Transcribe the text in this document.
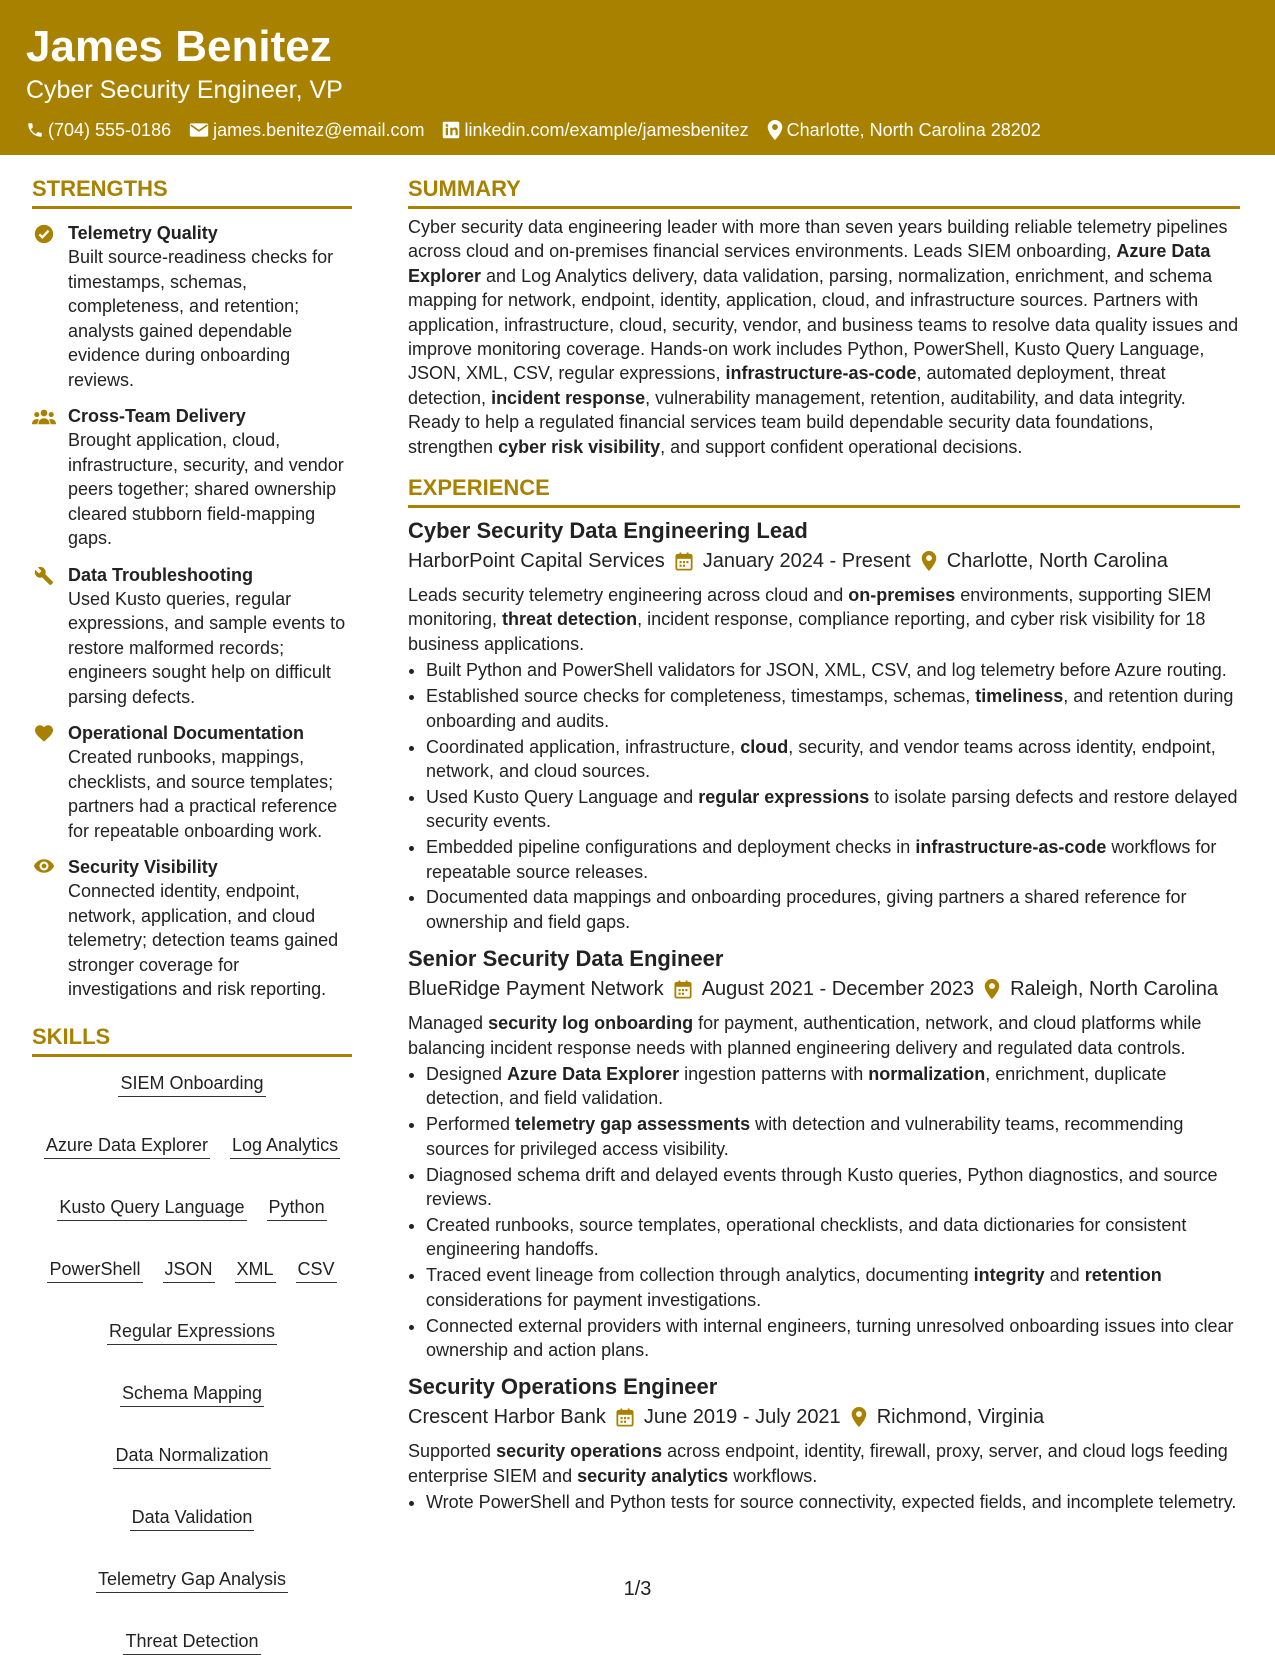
James Benitez
Cyber Security Engineer, VP
(704) 555-0186 james.benitez@email.com linkedin.com/example/jamesbenitez Charlotte, North Carolina 28202
STRENGTHS
Telemetry Quality
Built source-readiness checks for timestamps, schemas, completeness, and retention; analysts gained dependable evidence during onboarding reviews.
Cross-Team Delivery
Brought application, cloud, infrastructure, security, and vendor peers together; shared ownership cleared stubborn field-mapping gaps.
Data Troubleshooting
Used Kusto queries, regular expressions, and sample events to restore malformed records; engineers sought help on difficult parsing defects.
Operational Documentation
Created runbooks, mappings, checklists, and source templates; partners had a practical reference for repeatable onboarding work.
Security Visibility
Connected identity, endpoint, network, application, and cloud telemetry; detection teams gained stronger coverage for investigations and risk reporting.
SKILLS
SIEM Onboarding
Azure Data Explorer Log Analytics
Kusto Query Language Python
PowerShell JSON XML CSV
Regular Expressions
Schema Mapping
Data Normalization
Data Validation
Telemetry Gap Analysis
Threat Detection
SUMMARY
Cyber security data engineering leader with more than seven years building reliable telemetry pipelines across cloud and on-premises financial services environments. Leads SIEM onboarding, Azure Data Explorer and Log Analytics delivery, data validation, parsing, normalization, enrichment, and schema mapping for network, endpoint, identity, application, cloud, and infrastructure sources. Partners with application, infrastructure, cloud, security, vendor, and business teams to resolve data quality issues and improve monitoring coverage. Hands-on work includes Python, PowerShell, Kusto Query Language, JSON, XML, CSV, regular expressions, infrastructure-as-code, automated deployment, threat detection, incident response, vulnerability management, retention, auditability, and data integrity. Ready to help a regulated financial services team build dependable security data foundations, strengthen cyber risk visibility, and support confident operational decisions.
EXPERIENCE
Cyber Security Data Engineering Lead
HarborPoint Capital Services January 2024 - Present Charlotte, North Carolina
Leads security telemetry engineering across cloud and on-premises environments, supporting SIEM monitoring, threat detection, incident response, compliance reporting, and cyber risk visibility for 18 business applications.
• Built Python and PowerShell validators for JSON, XML, CSV, and log telemetry before Azure routing.
• Established source checks for completeness, timestamps, schemas, timeliness, and retention during onboarding and audits.
• Coordinated application, infrastructure, cloud, security, and vendor teams across identity, endpoint, network, and cloud sources.
• Used Kusto Query Language and regular expressions to isolate parsing defects and restore delayed security events.
• Embedded pipeline configurations and deployment checks in infrastructure-as-code workflows for repeatable source releases.
• Documented data mappings and onboarding procedures, giving partners a shared reference for ownership and field gaps.
Senior Security Data Engineer
BlueRidge Payment Network August 2021 - December 2023 Raleigh, North Carolina
Managed security log onboarding for payment, authentication, network, and cloud platforms while balancing incident response needs with planned engineering delivery and regulated data controls.
• Designed Azure Data Explorer ingestion patterns with normalization, enrichment, duplicate detection, and field validation.
• Performed telemetry gap assessments with detection and vulnerability teams, recommending sources for privileged access visibility.
• Diagnosed schema drift and delayed events through Kusto queries, Python diagnostics, and source reviews.
• Created runbooks, source templates, operational checklists, and data dictionaries for consistent engineering handoffs.
• Traced event lineage from collection through analytics, documenting integrity and retention considerations for payment investigations.
• Connected external providers with internal engineers, turning unresolved onboarding issues into clear ownership and action plans.
Security Operations Engineer
Crescent Harbor Bank June 2019 - July 2021 Richmond, Virginia
Supported security operations across endpoint, identity, firewall, proxy, server, and cloud logs feeding enterprise SIEM and security analytics workflows.
• Wrote PowerShell and Python tests for source connectivity, expected fields, and incomplete telemetry.
1/3
